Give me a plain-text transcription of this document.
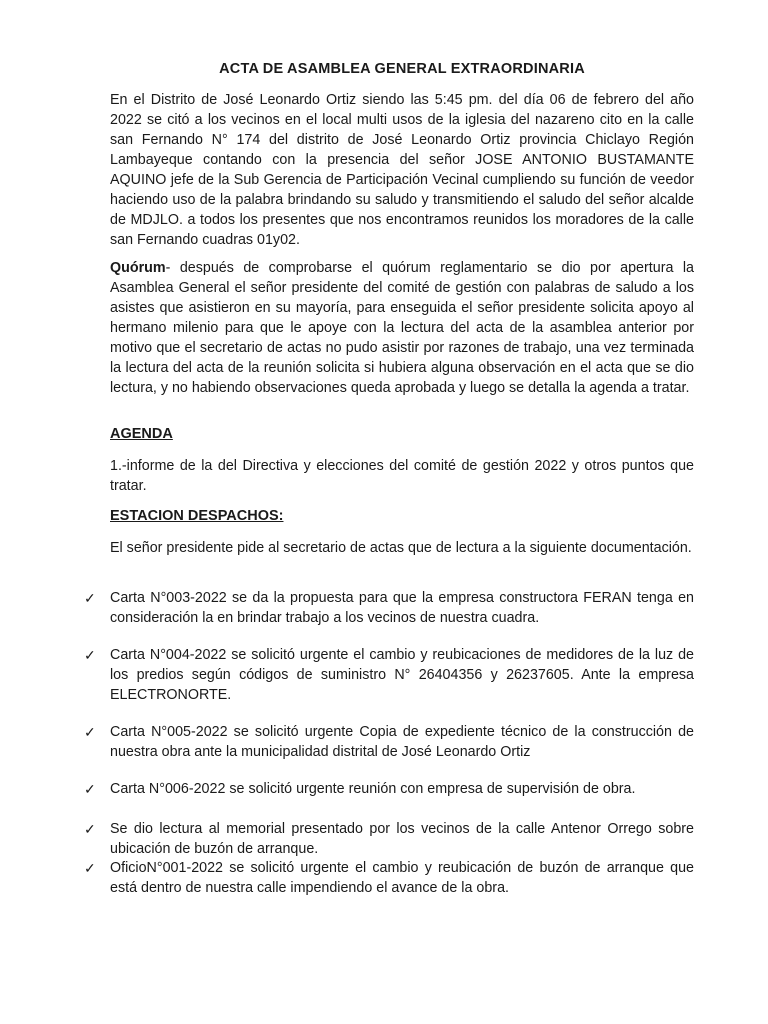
ACTA DE ASAMBLEA GENERAL EXTRAORDINARIA
En el Distrito de José Leonardo Ortiz siendo las 5:45 pm. del día 06 de febrero del año 2022 se citó a los vecinos en el local multi usos de la iglesia del nazareno cito en la calle san Fernando N° 174 del distrito de José Leonardo Ortiz provincia Chiclayo Región Lambayeque contando con la presencia del señor JOSE ANTONIO BUSTAMANTE AQUINO jefe de la Sub Gerencia de Participación Vecinal cumpliendo su función de veedor haciendo uso de la palabra brindando su saludo y transmitiendo el saludo del señor alcalde de MDJLO. a todos los presentes que nos encontramos reunidos los moradores de la calle san Fernando cuadras 01y02.
Quórum- después de comprobarse el quórum reglamentario se dio por apertura la Asamblea General el señor presidente del comité de gestión con palabras de saludo a los asistes que asistieron en su mayoría, para enseguida el señor presidente solicita apoyo al hermano milenio para que le apoye con la lectura del acta de la asamblea anterior por motivo que el secretario de actas no pudo asistir por razones de trabajo, una vez terminada la lectura del acta de la reunión solicita si hubiera alguna observación en el acta que se dio lectura, y no habiendo observaciones queda aprobada y luego se detalla la agenda a tratar.
AGENDA
1.-informe de la del Directiva y elecciones del comité de gestión 2022 y otros puntos que tratar.
ESTACION DESPACHOS:
El señor presidente pide al secretario de actas que de lectura a la siguiente documentación.
✓ Carta N°003-2022 se da la propuesta para que la empresa constructora FERAN tenga en consideración la en brindar trabajo a los vecinos de nuestra cuadra.
✓ Carta N°004-2022 se solicitó urgente el cambio y reubicaciones de medidores de la luz de los predios según códigos de suministro N° 26404356 y 26237605. Ante la empresa ELECTRONORTE.
✓ Carta N°005-2022 se solicitó urgente Copia de expediente técnico de la construcción de nuestra obra ante la municipalidad distrital de José Leonardo Ortiz
✓ Carta N°006-2022 se solicitó urgente reunión con empresa de supervisión de obra.
✓ Se dio lectura al memorial presentado por los vecinos de la calle Antenor Orrego sobre ubicación de buzón de arranque.
✓ OficioN°001-2022 se solicitó urgente el cambio y reubicación de buzón de arranque que está dentro de nuestra calle impendiendo el avance de la obra.
